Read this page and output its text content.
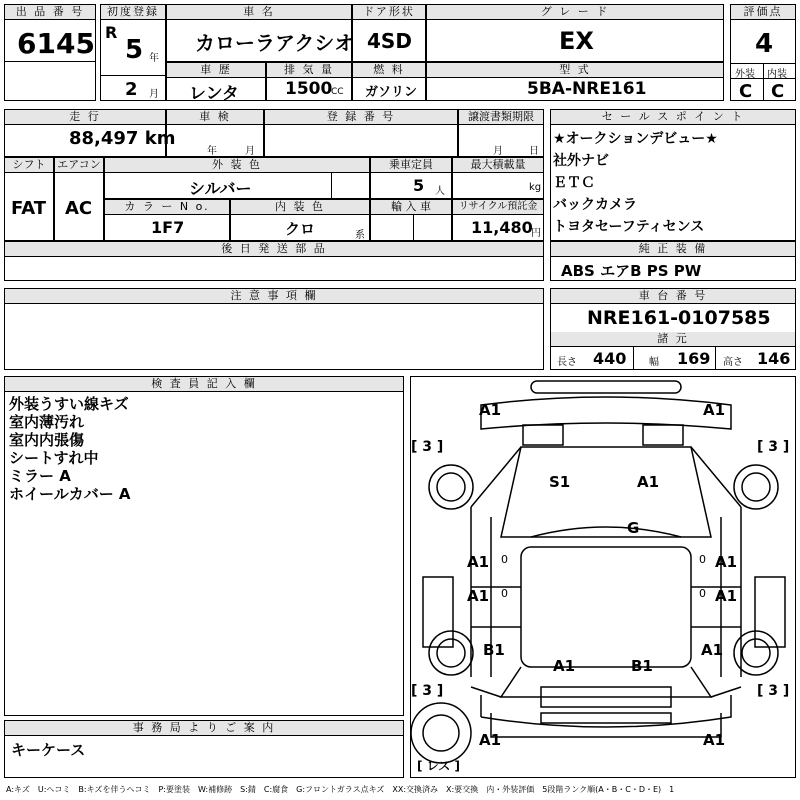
出 品 番 号
6145
初度登録
R
5 年
2 月
車 名
カローラアクシオ
ドア形状
4SD
グ レ ー ド
EX
評価点
4
外装 内装
C C
車 歴
レンタ
排 気 量
1500
CC
燃 料
ガソリン
型 式
5BA-NRE161
走 行
88,497 km
車 検
年	月
登 録 番 号	譲渡書類期限
月	日
シフト
FAT
エアコン
AC
外 装 色
シルバー
乗車定員
5 人
最大積載量
kg
カ ラ ー N o.
1F7
内 装 色
クロ	系
輸 入 車	リサイクル預託金
11,480
円
後 日 発 送 部 品
セ ー ル ス ポ イ ン ト
★オークションデビュー★
社外ナビ
ＥＴＣ
バックカメラ
トヨタセーフティセンス
純 正 装 備
ABS エアB PS PW
注 意 事 項 欄	車 台 番 号
NRE161-0107585
諸 元
長さ 440 幅 169 高さ 146
検 査 員 記 入 欄
外装うすい線キズ
室内薄汚れ
室内内張傷
シートすれ中
ミラー A
ホイールカバー A
事 務 局 よ り ご 案 内
キーケース
A1	A1
[ 3 ]	[ 3 ]
S1	A1
G
A1 0	A1
0
A1 0	A1
0
B1	A1
A1	B1
[ 3 ]	[ 3 ]
A1	A1
[ レス ]
A:キズ　U:ヘコミ　B:キズを伴うヘコミ　P:要塗装　W:補修跡　S:錆　C:腐食　G:フロントガラス点キズ　XX:交換済み　X:要交換　内・外装評価　5段階ランク順(A・B・C・D・E)　1
